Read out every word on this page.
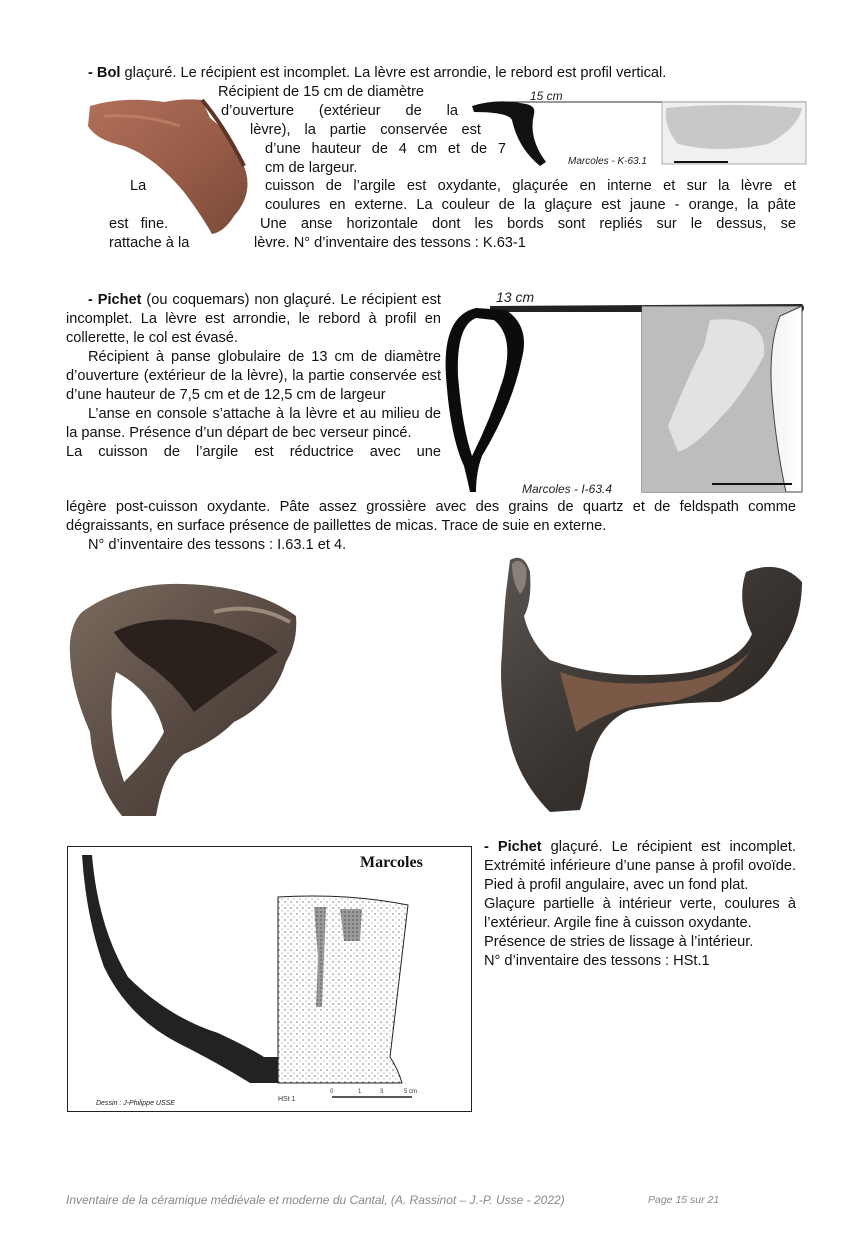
- Bol glaçuré. Le récipient est incomplet. La lèvre est arrondie, le rebord est profil vertical.
Récipient de 15 cm de diamètre
d’ouverture (extérieur de la
lèvre), la partie conservée est
d’une hauteur de 4 cm et de 7
cm de largeur.
La	cuisson de l’argile est oxydante, glaçurée en interne et sur la lèvre et
coulures en externe. La couleur de la glaçure est jaune - orange, la pâte
est   fine.	Une anse horizontale dont les bords sont repliés sur le dessus, se
rattache à la	lèvre. N° d’inventaire des tessons : K.63-1
15 cm
Marcoles - K-63.1
- Pichet (ou coquemars) non glaçuré. Le récipient est incomplet. La lèvre est arrondie, le rebord à profil en collerette, le col est évasé.
Récipient à panse globulaire de 13 cm de diamètre d’ouverture (extérieur de la lèvre), la partie conservée est d’une hauteur de 7,5 cm et de 12,5 cm de largeur
L’anse en console s’attache à la lèvre et au milieu de la panse. Présence d’un départ de bec verseur pincé.
La cuisson de l’argile est réductrice avec une
légère post-cuisson oxydante. Pâte assez grossière avec des grains de quartz et de feldspath comme dégraissants, en surface présence de paillettes de micas. Trace de suie en externe.
N° d’inventaire des tessons : I.63.1 et 4.
13 cm
Marcoles - I-63.4
Marcoles
Dessin : J-Philippe USSE
HSt 1
0	1	3	5 cm
- Pichet glaçuré. Le récipient est incomplet. Extrémité inférieure d’une panse à profil ovoïde. Pied à profil angulaire, avec un fond plat.
Glaçure partielle à intérieur verte, coulures à l’extérieur. Argile fine à cuisson oxydante.
Présence de stries de lissage à l’intérieur.
N° d’inventaire des tessons : HSt.1
Inventaire de la céramique médiévale et moderne du Cantal, (A. Rassinot – J.-P. Usse - 2022)	Page 15 sur 21
